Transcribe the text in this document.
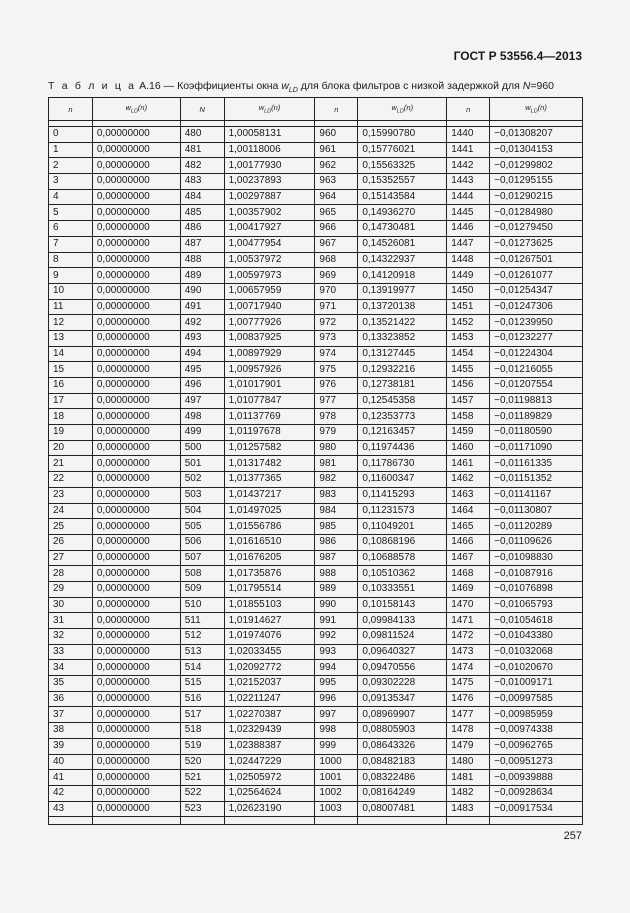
ГОСТ Р 53556.4—2013
Т а б л и ц а А.16 — Коэффициенты окна $w_{LD}$ для блока фильтров с низкой задержкой для N=960
n	$w_{LD}(n)$	N	$w_{LD}(n)$	n	$w_{LD}(n)$	n	$w_{LD}(n)$

0	0,00000000	480	1,00058131	960	0,15990780	1440	−0,01308207
1	0,00000000	481	1,00118006	961	0,15776021	1441	−0,01304153
2	0,00000000	482	1,00177930	962	0,15563325	1442	−0,01299802
3	0,00000000	483	1,00237893	963	0,15352557	1443	−0,01295155
4	0,00000000	484	1,00297887	964	0,15143584	1444	−0,01290215
5	0,00000000	485	1,00357902	965	0,14936270	1445	−0,01284980
6	0,00000000	486	1,00417927	966	0,14730481	1446	−0,01279450
7	0,00000000	487	1,00477954	967	0,14526081	1447	−0,01273625
8	0,00000000	488	1,00537972	968	0,14322937	1448	−0,01267501
9	0,00000000	489	1,00597973	969	0,14120918	1449	−0,01261077
10	0,00000000	490	1,00657959	970	0,13919977	1450	−0,01254347
11	0,00000000	491	1,00717940	971	0,13720138	1451	−0,01247306
12	0,00000000	492	1,00777926	972	0,13521422	1452	−0,01239950
13	0,00000000	493	1,00837925	973	0,13323852	1453	−0,01232277
14	0,00000000	494	1,00897929	974	0,13127445	1454	−0,01224304
15	0,00000000	495	1,00957926	975	0,12932216	1455	−0,01216055
16	0,00000000	496	1,01017901	976	0,12738181	1456	−0,01207554
17	0,00000000	497	1,01077847	977	0,12545358	1457	−0,01198813
18	0,00000000	498	1,01137769	978	0,12353773	1458	−0,01189829
19	0,00000000	499	1,01197678	979	0,12163457	1459	−0,01180590
20	0,00000000	500	1,01257582	980	0,11974436	1460	−0,01171090
21	0,00000000	501	1,01317482	981	0,11786730	1461	−0,01161335
22	0,00000000	502	1,01377365	982	0,11600347	1462	−0,01151352
23	0,00000000	503	1,01437217	983	0,11415293	1463	−0,01141167
24	0,00000000	504	1,01497025	984	0,11231573	1464	−0,01130807
25	0,00000000	505	1,01556786	985	0,11049201	1465	−0,01120289
26	0,00000000	506	1,01616510	986	0,10868196	1466	−0,01109626
27	0,00000000	507	1,01676205	987	0,10688578	1467	−0,01098830
28	0,00000000	508	1,01735876	988	0,10510362	1468	−0,01087916
29	0,00000000	509	1,01795514	989	0,10333551	1469	−0,01076898
30	0,00000000	510	1,01855103	990	0,10158143	1470	−0,01065793
31	0,00000000	511	1,01914627	991	0,09984133	1471	−0,01054618
32	0,00000000	512	1,01974076	992	0,09811524	1472	−0,01043380
33	0,00000000	513	1,02033455	993	0,09640327	1473	−0,01032068
34	0,00000000	514	1,02092772	994	0,09470556	1474	−0,01020670
35	0,00000000	515	1,02152037	995	0,09302228	1475	−0,01009171
36	0,00000000	516	1,02211247	996	0,09135347	1476	−0,00997585
37	0,00000000	517	1,02270387	997	0,08969907	1477	−0,00985959
38	0,00000000	518	1,02329439	998	0,08805903	1478	−0,00974338
39	0,00000000	519	1,02388387	999	0,08643326	1479	−0,00962765
40	0,00000000	520	1,02447229	1000	0,08482183	1480	−0,00951273
41	0,00000000	521	1,02505972	1001	0,08322486	1481	−0,00939888
42	0,00000000	522	1,02564624	1002	0,08164249	1482	−0,00928634
43	0,00000000	523	1,02623190	1003	0,08007481	1483	−0,00917534

257
